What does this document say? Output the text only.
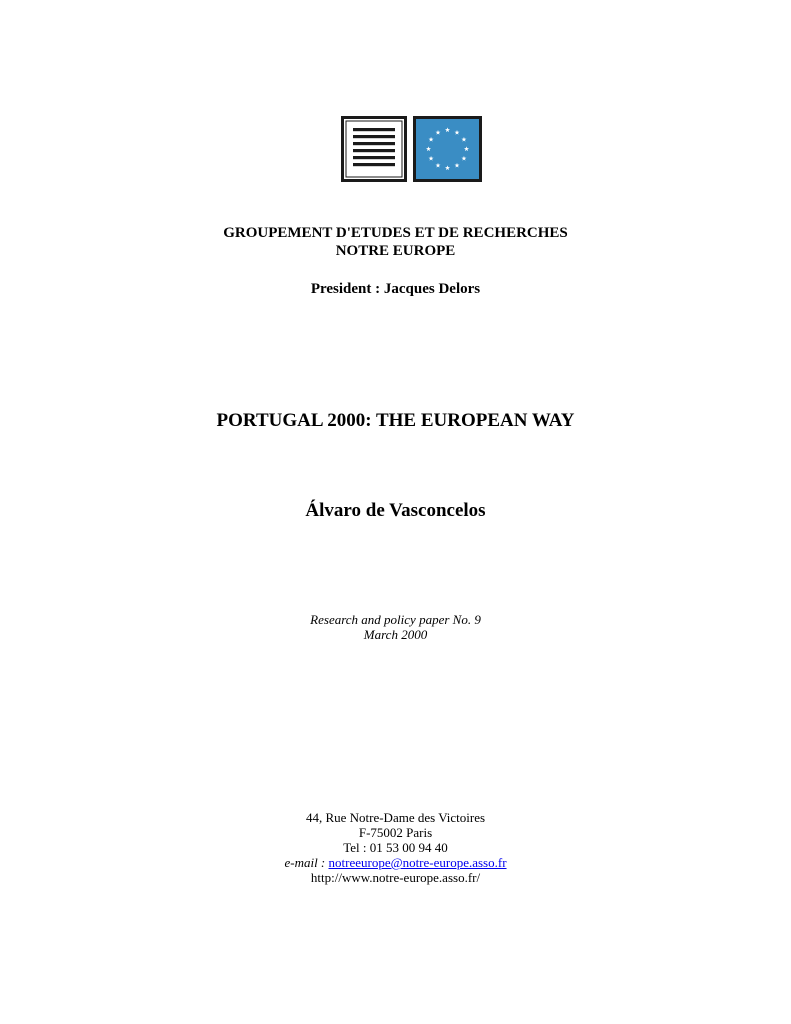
GROUPEMENT D'ETUDES ET DE RECHERCHES
NOTRE EUROPE
President : Jacques Delors
PORTUGAL 2000: THE EUROPEAN WAY
Álvaro de Vasconcelos
Research and policy paper No. 9
March 2000
44, Rue Notre-Dame des Victoires
F-75002 Paris
Tel : 01 53 00 94 40
e-mail : notreeurope@notre-europe.asso.fr
http://www.notre-europe.asso.fr/
